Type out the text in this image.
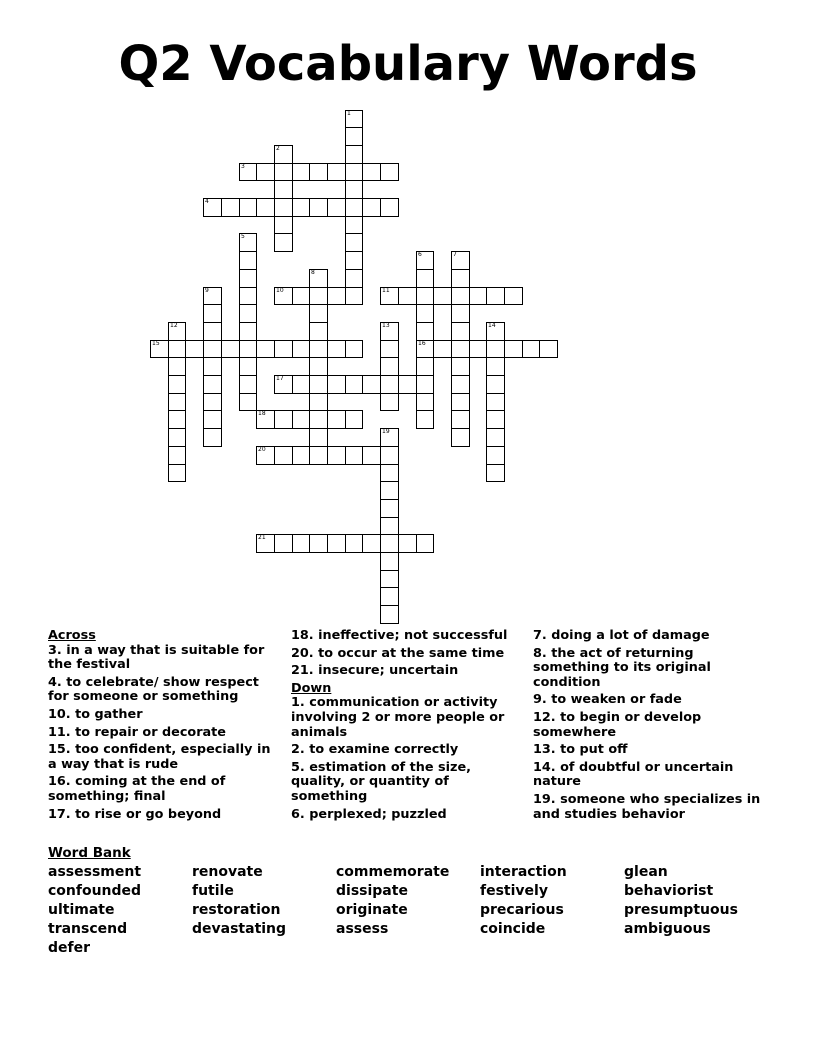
Q2 Vocabulary Words
1
2
3
4
5
6
16
7
8
9	10	11
12	13	14
15
17
18
19
20
21
Across
3. in a way that is suitable for the festival
4. to celebrate/ show respect for someone or something
10. to gather
11. to repair or decorate
15. too confident, especially in a way that is rude
16. coming at the end of something; final
17. to rise or go beyond
18. ineffective; not successful
20. to occur at the same time
21. insecure; uncertain
Down
1. communication or activity involving 2 or more people or animals
2. to examine correctly
5. estimation of the size, quality, or quantity of something
6. perplexed; puzzled
7. doing a lot of damage
8. the act of returning something to its original condition
9. to weaken or fade
12. to begin or develop somewhere
13. to put off
14. of doubtful or uncertain nature
19. someone who specializes in and studies behavior
Word Bank
assessment	renovate	commemorate	interaction	glean
confounded	futile	dissipate	festively	behaviorist
ultimate	restoration	originate	precarious	presumptuous
transcend	devastating	assess	coincide	ambiguous
defer
